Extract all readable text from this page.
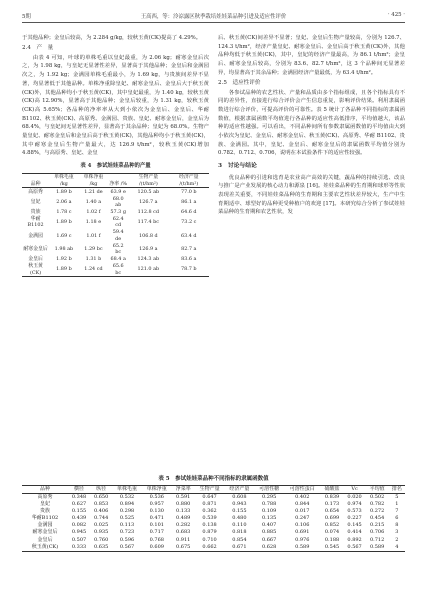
5期	王高西，等：泠凉露区秋季栽培娃娃菜品种引进及适应性评价	· 425 ·

于其他品种；金皇后较高，为 2.284 g/kg，较秋玉黄(CK)提高了 4.29%。

2.4　产　量

由表 4 可知，叶球的单株毛重以皇妃最重，为 2.06 kg；耐寒金皇后次之，为 1.98 kg，与皇妃无显著性差异，显著高于其他品种；金皇后和金满园次之，为 1.92 kg；金满园单株毛重最小，为 1.69 kg，与贵族间差异不显著，均显著低于其他品种。单株净重除皇妃、耐寒金皇后、金皇后大于秋玉黄(CK)外，其他品种均小于秋玉黄(CK)，其中皇妃最重，为 1.40 kg，较秋玉黄(CK)高 12.90%，显著高于其他品种；金皇后较重，为 1.31 kg，较秋玉黄(CK)高 5.65%；各品种的净率率从大到小依次为金皇后、金皇后、华耐 B1102、秋玉黄(CK)、高原秀、金满园、贵族、皇妃、耐寒金皇后，金皇后为 68.4%，与皇妃间无显著性差异，显著高于其余品种；皇妃为 68.0%。生物产量皇妃、耐寒金皇后和金皇后高于秋玉黄(CK)，其他品种均小于秋玉黄(CK)，其中耐寒金皇后生物产量最大，达 126.9 t/hm²，较秋玉黄(CK)增加 4.88%，与高原秀、皇妃、金皇

表 4　参试娃娃菜品种的产量
品种	单株毛重 /kg	单株净重 /kg	净率 /%	生物产量 /(t/hm²)	经济产量 /(t/hm²)
高原秀	1.89 b	1.21 de	63.9 e	120.5 ab	77.0 b
皇妃	2.06 a	1.40 a	68.0 ab	126.7 a	86.1 a
贵族	1.78 c	1.02 f	57.3 g	112.8 cd	64.6 d
华耐B1102	1.89 b	1.18 e	62.4 cd	117.4 bc	73.2 c
金满园	1.69 c	1.01 f	59.4 de	106.8 d	63.4 d
耐寒金皇后	1.98 ab	1.29 bc	65.2 bc	126.9 a	82.7 a
金皇后	1.92 b	1.31 b	68.4 a	124.3 ab	83.6 a
秋玉黄(CK)	1.89 b	1.24 cd	65.6 bc	121.0 ab	78.7 b

后、秋玉黄(CK)间差异不显著；皇妃、金皇后生物产量较高，分别为 126.7、124.3 t/hm²，经济产量皇妃、耐寒金皇后、金皇后高于秋玉黄(CK)外，其他品种均低于秋玉黄(CK)，其中，皇妃的经济产量最高，为 86.1 t/hm²；金皇后、耐寒金皇后较高，分别为 83.6、82.7 t/hm²，这 3 个品种间无显著差异，均显著高于其余品种；金满园经济产量最低，为 63.4 t/hm²。

2.5　适应性评价

各参试品种的农艺性状、产量和品质由多个指标组成，且各个指标具有不同的差异性，直接进行综合评价会产生信息重复，影响评价结果。利用隶属函数进行综合评价，可提高评价的可靠性。表 5 统计了各品种不同指标的隶属函数值，根据隶属函数平均值进行各品种的适应性高低排序，平均值越大，该品种的适应性越强。可以看出，不同品种间所有参数隶属函数值的平均值由大到小依次为皇妃、金皇后、耐寒金皇后、秋玉黄(CK)、高原秀、华耐 B1102、贵族、金满园。其中，皇妃、金皇后、耐寒金皇后的隶属函数平均值分别为 0.782、0.712、0.706，说明在本试验条件下的适应性较强。

3　讨论与结论

优良品种的引进和选育是农业高产高效的关键，蔬品种的持续引选、改良与推广是产业发展的核心动力和源泉 [16]。娃娃菜品种的生育期和球形等性状表现差关重要，不同娃娃菜品种的生育期和主要农艺性状差异较大，生产中生育期适中、球型好的品种更受种植户的欢迎 [17]。本研究综合分析了参试娃娃菜品种的生育期和农艺性状，发

表 5　参试娃娃菜品种不同指标的隶属函数值
品种	横径	纵径	单株毛重	单株净重	净菜率	生物产量	经济产量	可溶性糖	可溶性蛋白	硝酸盐	Vc	平均值	排名
高原秀	0.348	0.650	0.532	0.536	0.591	0.647	0.608	0.295	0.402	0.839	0.020	0.502	5
皇妃	0.627	0.853	0.894	0.957	0.880	0.871	0.943	0.788	0.844	0.173	0.974	0.782	1
贵族	0.155	0.406	0.298	0.130	0.133	0.362	0.155	0.109	0.017	0.654	0.573	0.272	7
华耐B1102	0.439	0.744	0.525	0.471	0.489	0.539	0.480	0.135	0.247	0.699	0.227	0.454	6
金满园	0.082	0.025	0.113	0.101	0.282	0.138	0.110	0.407	0.106	0.852	0.145	0.215	8
耐寒金皇后	0.945	0.935	0.723	0.717	0.683	0.879	0.818	0.885	0.691	0.074	0.414	0.706	3
金皇后	0.507	0.760	0.596	0.768	0.911	0.710	0.854	0.667	0.976	0.188	0.892	0.712	2
秋玉黄(CK)	0.333	0.635	0.567	0.609	0.675	0.662	0.671	0.628	0.589	0.545	0.567	0.589	4
